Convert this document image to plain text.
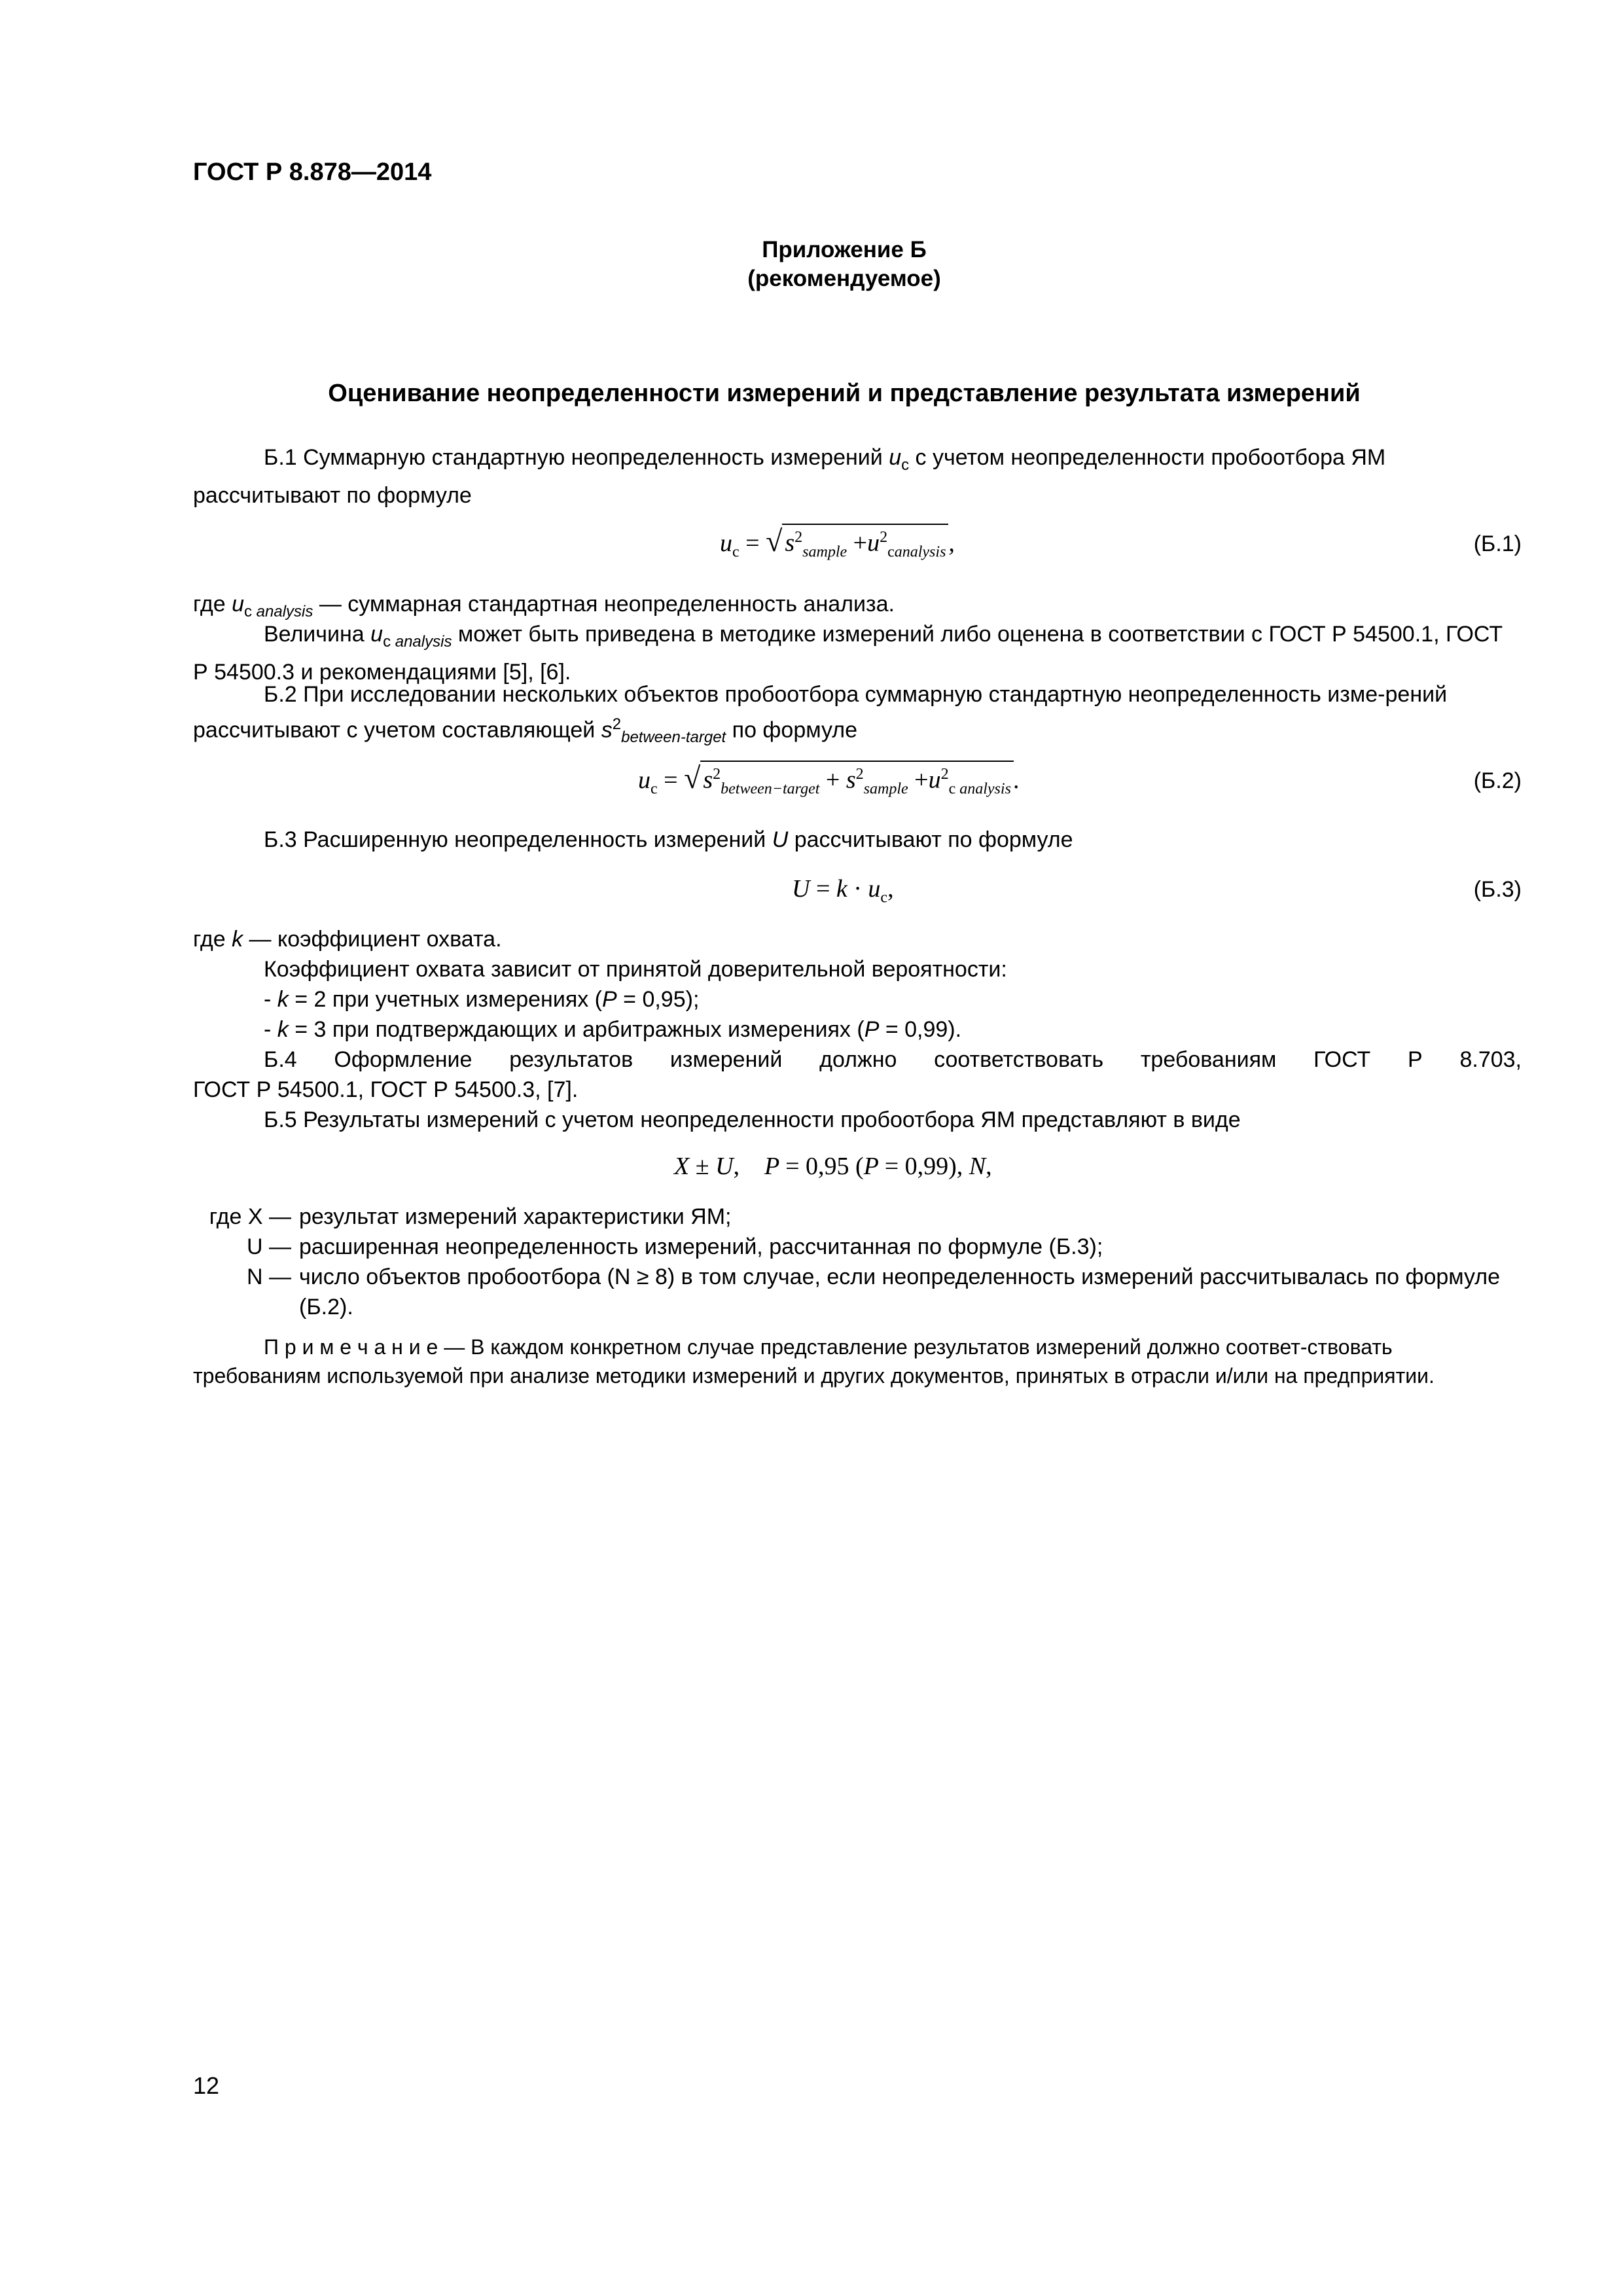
ГОСТ Р 8.878—2014
Приложение Б
(рекомендуемое)
Оценивание неопределенности измерений и представление результата измерений
Б.1 Суммарную стандартную неопределенность измерений $u_c$ с учетом неопределенности пробоотбора ЯМ рассчитывают по формуле
$u_c$ = √ $s^2_{sample} +u^2_{canalysis}$ ,	(Б.1)
где $u_{c analysis}$ — суммарная стандартная неопределенность анализа.
Величина $u_{c analysis}$ может быть приведена в методике измерений либо оценена в соответствии с ГОСТ Р 54500.1, ГОСТ Р 54500.3 и рекомендациями [5], [6].
Б.2 При исследовании нескольких объектов пробоотбора суммарную стандартную неопределенность изме-рений рассчитывают с учетом составляющей $s^2_{between-target}$ по формуле
$u_c$ = √ $s^2_{between-target} + s^2_{sample} +u^2_{c analysis}$ .	(Б.2)
Б.3 Расширенную неопределенность измерений U рассчитывают по формуле
$U = k \cdot u_c$,	(Б.3)
где k — коэффициент охвата.
Коэффициент охвата зависит от принятой доверительной вероятности:
- k = 2 при учетных измерениях (P = 0,95);
- k = 3 при подтверждающих и арбитражных измерениях (P = 0,99).
Б.4 Оформление результатов измерений должно соответствовать требованиям ГОСТ Р 8.703,
ГОСТ Р 54500.1, ГОСТ Р 54500.3, [7].
Б.5 Результаты измерений с учетом неопределенности пробоотбора ЯМ представляют в виде
X ± U,    P = 0,95 (P = 0,99), N,
где X — результат измерений характеристики ЯМ;
U — расширенная неопределенность измерений, рассчитанная по формуле (Б.3);
N — число объектов пробоотбора (N ≥ 8) в том случае, если неопределенность измерений рассчитывалась по формуле (Б.2).
П р и м е ч а н и е — В каждом конкретном случае представление результатов измерений должно соответ-ствовать требованиям используемой при анализе методики измерений и других документов, принятых в отрасли и/или на предприятии.
12
